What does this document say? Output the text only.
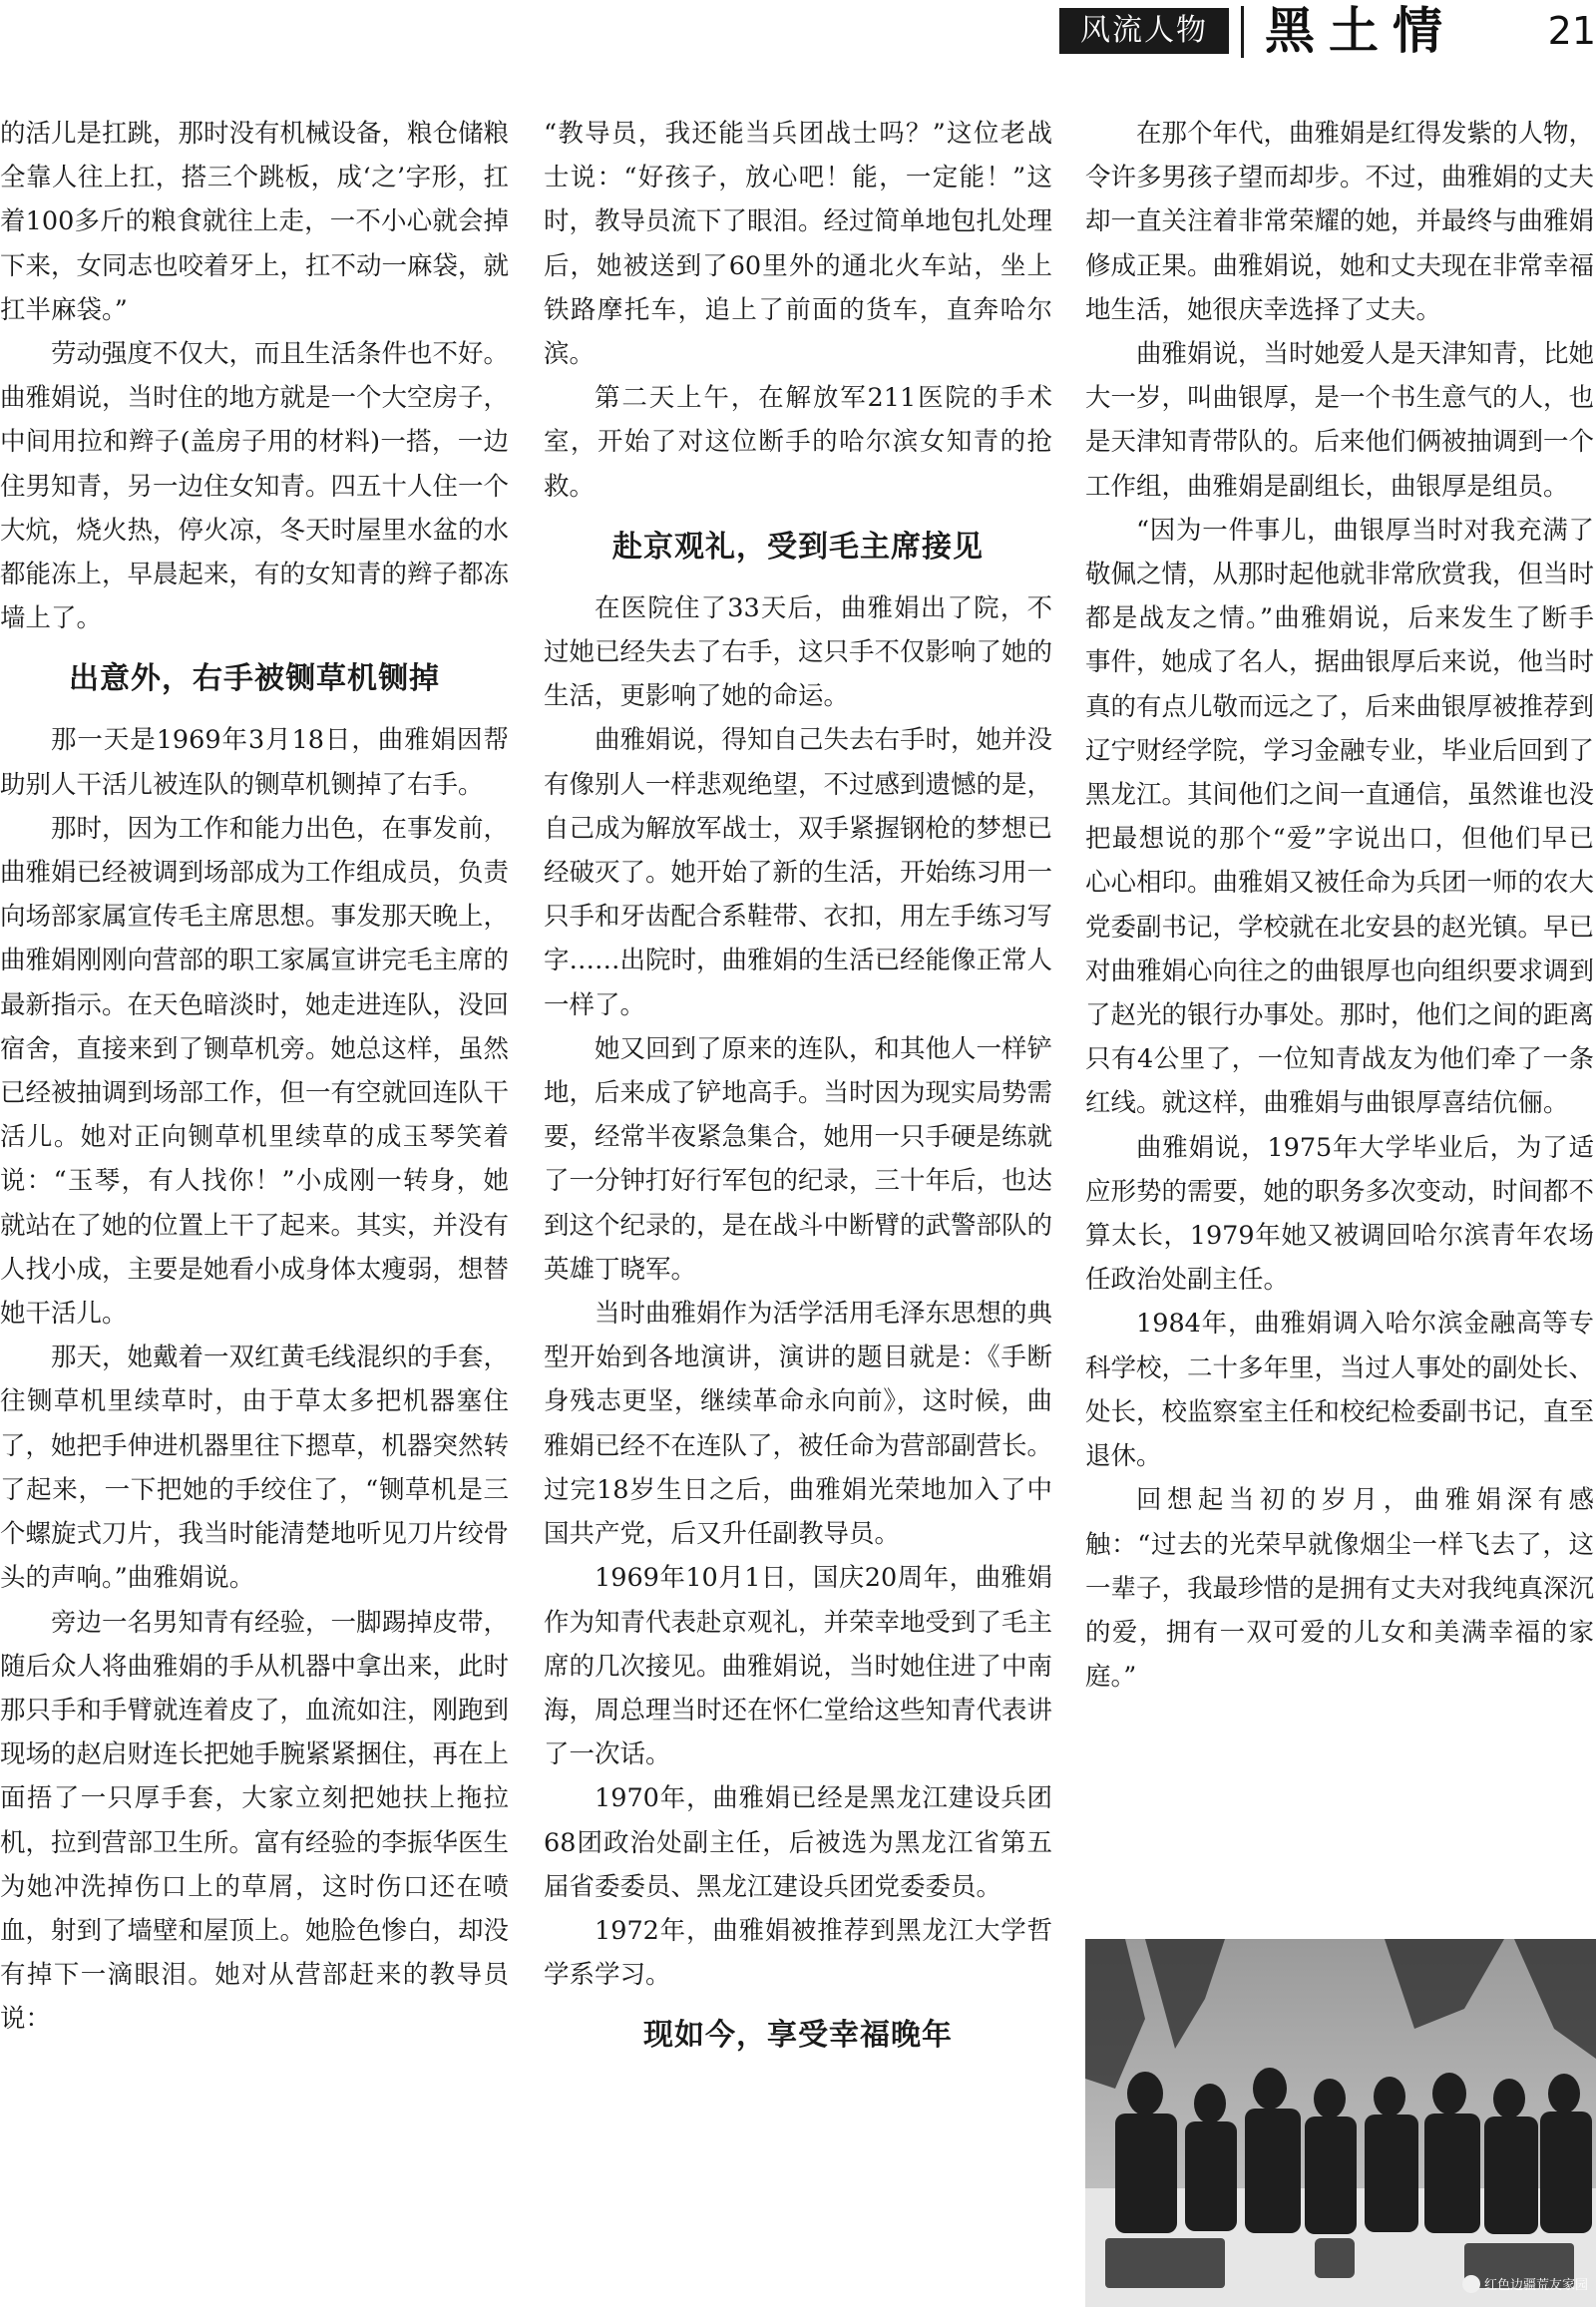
风流人物	黑土情	21

的活儿是扛跳，那时没有机械设备，粮仓储粮全靠人往上扛，搭三个跳板，成‘之’字形，扛着100多斤的粮食就往上走，一不小心就会掉下来，女同志也咬着牙上，扛不动一麻袋，就扛半麻袋。”

劳动强度不仅大，而且生活条件也不好。曲雅娟说，当时住的地方就是一个大空房子，中间用拉和辫子(盖房子用的材料)一搭，一边住男知青，另一边住女知青。四五十人住一个大炕，烧火热，停火凉，冬天时屋里水盆的水都能冻上，早晨起来，有的女知青的辫子都冻墙上了。

出意外，右手被铡草机铡掉

那一天是1969年3月18日，曲雅娟因帮助别人干活儿被连队的铡草机铡掉了右手。

那时，因为工作和能力出色，在事发前，曲雅娟已经被调到场部成为工作组成员，负责向场部家属宣传毛主席思想。事发那天晚上，曲雅娟刚刚向营部的职工家属宣讲完毛主席的最新指示。在天色暗淡时，她走进连队，没回宿舍，直接来到了铡草机旁。她总这样，虽然已经被抽调到场部工作，但一有空就回连队干活儿。她对正向铡草机里续草的成玉琴笑着说：“玉琴，有人找你！”小成刚一转身，她就站在了她的位置上干了起来。其实，并没有人找小成，主要是她看小成身体太瘦弱，想替她干活儿。

那天，她戴着一双红黄毛线混织的手套，往铡草机里续草时，由于草太多把机器塞住了，她把手伸进机器里往下摁草，机器突然转了起来，一下把她的手绞住了，“铡草机是三个螺旋式刀片，我当时能清楚地听见刀片绞骨头的声响。”曲雅娟说。

旁边一名男知青有经验，一脚踢掉皮带，随后众人将曲雅娟的手从机器中拿出来，此时那只手和手臂就连着皮了，血流如注，刚跑到现场的赵启财连长把她手腕紧紧捆住，再在上面捂了一只厚手套，大家立刻把她扶上拖拉机，拉到营部卫生所。富有经验的李振华医生为她冲洗掉伤口上的草屑，这时伤口还在喷血，射到了墙壁和屋顶上。她脸色惨白，却没有掉下一滴眼泪。她对从营部赶来的教导员说：

“教导员，我还能当兵团战士吗？”这位老战士说：“好孩子，放心吧！能，一定能！”这时，教导员流下了眼泪。经过简单地包扎处理后，她被送到了60里外的通北火车站，坐上铁路摩托车，追上了前面的货车，直奔哈尔滨。

第二天上午，在解放军211医院的手术室，开始了对这位断手的哈尔滨女知青的抢救。

赴京观礼，受到毛主席接见

在医院住了33天后，曲雅娟出了院，不过她已经失去了右手，这只手不仅影响了她的生活，更影响了她的命运。

曲雅娟说，得知自己失去右手时，她并没有像别人一样悲观绝望，不过感到遗憾的是，自己成为解放军战士，双手紧握钢枪的梦想已经破灭了。她开始了新的生活，开始练习用一只手和牙齿配合系鞋带、衣扣，用左手练习写字……出院时，曲雅娟的生活已经能像正常人一样了。

她又回到了原来的连队，和其他人一样铲地，后来成了铲地高手。当时因为现实局势需要，经常半夜紧急集合，她用一只手硬是练就了一分钟打好行军包的纪录，三十年后，也达到这个纪录的，是在战斗中断臂的武警部队的英雄丁晓军。

当时曲雅娟作为活学活用毛泽东思想的典型开始到各地演讲，演讲的题目就是：《手断身残志更坚，继续革命永向前》，这时候，曲雅娟已经不在连队了，被任命为营部副营长。过完18岁生日之后，曲雅娟光荣地加入了中国共产党，后又升任副教导员。

1969年10月1日，国庆20周年，曲雅娟作为知青代表赴京观礼，并荣幸地受到了毛主席的几次接见。曲雅娟说，当时她住进了中南海，周总理当时还在怀仁堂给这些知青代表讲了一次话。

1970年，曲雅娟已经是黑龙江建设兵团68团政治处副主任，后被选为黑龙江省第五届省委委员、黑龙江建设兵团党委委员。

1972年，曲雅娟被推荐到黑龙江大学哲学系学习。

现如今，享受幸福晚年

在那个年代，曲雅娟是红得发紫的人物，令许多男孩子望而却步。不过，曲雅娟的丈夫却一直关注着非常荣耀的她，并最终与曲雅娟修成正果。曲雅娟说，她和丈夫现在非常幸福地生活，她很庆幸选择了丈夫。

曲雅娟说，当时她爱人是天津知青，比她大一岁，叫曲银厚，是一个书生意气的人，也是天津知青带队的。后来他们俩被抽调到一个工作组，曲雅娟是副组长，曲银厚是组员。

“因为一件事儿，曲银厚当时对我充满了敬佩之情，从那时起他就非常欣赏我，但当时都是战友之情。”曲雅娟说，后来发生了断手事件，她成了名人，据曲银厚后来说，他当时真的有点儿敬而远之了，后来曲银厚被推荐到辽宁财经学院，学习金融专业，毕业后回到了黑龙江。其间他们之间一直通信，虽然谁也没把最想说的那个“爱”字说出口，但他们早已心心相印。曲雅娟又被任命为兵团一师的农大党委副书记，学校就在北安县的赵光镇。早已对曲雅娟心向往之的曲银厚也向组织要求调到了赵光的银行办事处。那时，他们之间的距离只有4公里了，一位知青战友为他们牵了一条红线。就这样，曲雅娟与曲银厚喜结伉俪。

曲雅娟说，1975年大学毕业后，为了适应形势的需要，她的职务多次变动，时间都不算太长，1979年她又被调回哈尔滨青年农场任政治处副主任。

1984年，曲雅娟调入哈尔滨金融高等专科学校，二十多年里，当过人事处的副处长、处长，校监察室主任和校纪检委副书记，直至退休。

回想起当初的岁月，曲雅娟深有感触：“过去的光荣早就像烟尘一样飞去了，这一辈子，我最珍惜的是拥有丈夫对我纯真深沉的爱，拥有一双可爱的儿女和美满幸福的家庭。”

红色边疆荒友家园
